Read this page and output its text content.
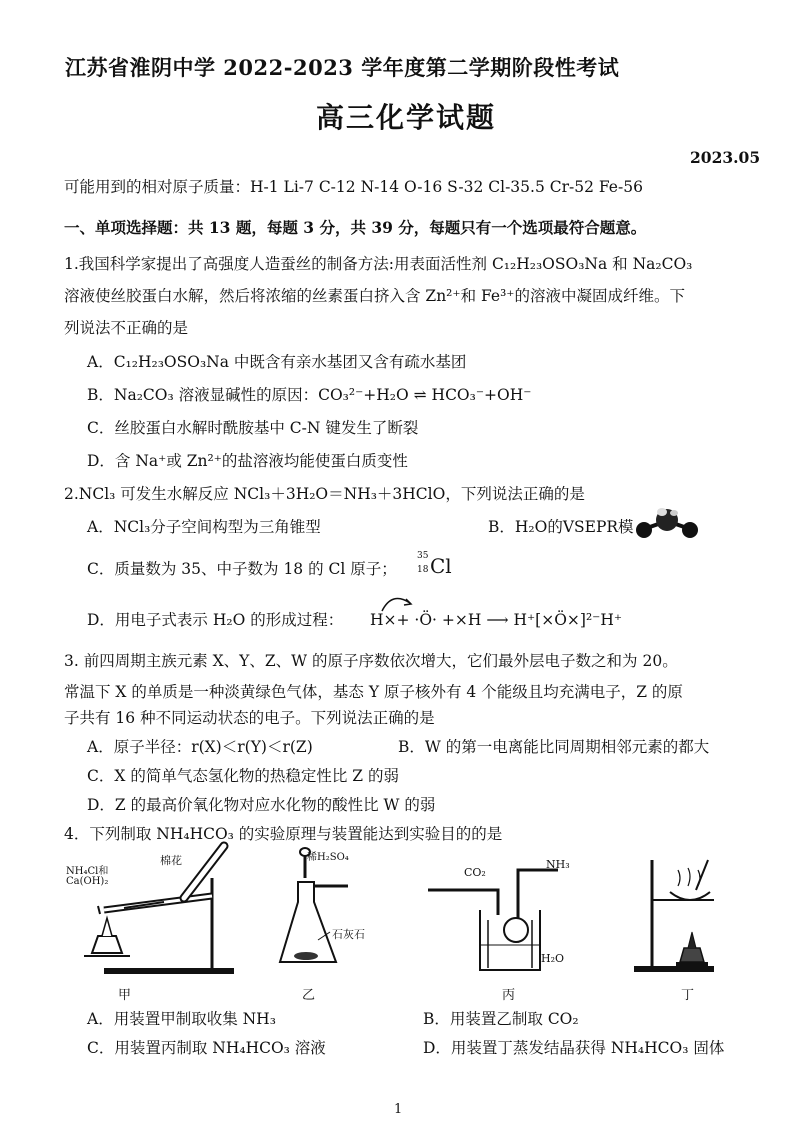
江苏省淮阴中学 2022-2023 学年度第二学期阶段性考试
高三化学试题
2023.05
可能用到的相对原子质量：H-1 Li-7 C-12 N-14 O-16 S-32 Cl-35.5 Cr-52 Fe-56
一、单项选择题：共 13 题，每题 3 分，共 39 分，每题只有一个选项最符合题意。
1.我国科学家提出了高强度人造蚕丝的制备方法:用表面活性剂 C₁₂H₂₃OSO₃Na 和 Na₂CO₃
溶液使丝胶蛋白水解，然后将浓缩的丝素蛋白挤入含 Zn²⁺和 Fe³⁺的溶液中凝固成纤维。下
列说法不正确的是
A．C₁₂H₂₃OSO₃Na 中既含有亲水基团又含有疏水基团
B．Na₂CO₃ 溶液显碱性的原因：CO₃²⁻+H₂O ⇌ HCO₃⁻+OH⁻
C．丝胶蛋白水解时酰胺基中 C-N 键发生了断裂
D．含 Na⁺或 Zn²⁺的盐溶液均能使蛋白质变性
2.NCl₃ 可发生水解反应 NCl₃＋3H₂O＝NH₃＋3HClO，下列说法正确的是
A．NCl₃分子空间构型为三角锥型	B．H₂O的VSEPR模
C．质量数为 35、中子数为 18 的 Cl 原子；
35
18 Cl
D．用电子式表示 H₂O 的形成过程： H×+ ·Ö· +×H ⟶ H⁺[×Ö×]²⁻H⁺
3. 前四周期主族元素 X、Y、Z、W 的原子序数依次增大，它们最外层电子数之和为 20。
常温下 X 的单质是一种淡黄绿色气体，基态 Y 原子核外有 4 个能级且均充满电子，Z 的原
子共有 16 种不同运动状态的电子。下列说法正确的是
A．原子半径：r(X)＜r(Y)＜r(Z)	B．W 的第一电离能比同周期相邻元素的都大
C．X 的简单气态氢化物的热稳定性比 Z 的弱
D．Z 的最高价氧化物对应水化物的酸性比 W 的弱
4．下列制取 NH₄HCO₃ 的实验原理与装置能达到实验目的的是
NH₄Cl和
Ca(OH)₂
棉花	稀H₂SO₄
石灰石
CO₂
NH₃
H₂O
甲	乙	丙	丁
A．用装置甲制取收集 NH₃	B．用装置乙制取 CO₂
C．用装置丙制取 NH₄HCO₃ 溶液	D．用装置丁蒸发结晶获得 NH₄HCO₃ 固体
1
